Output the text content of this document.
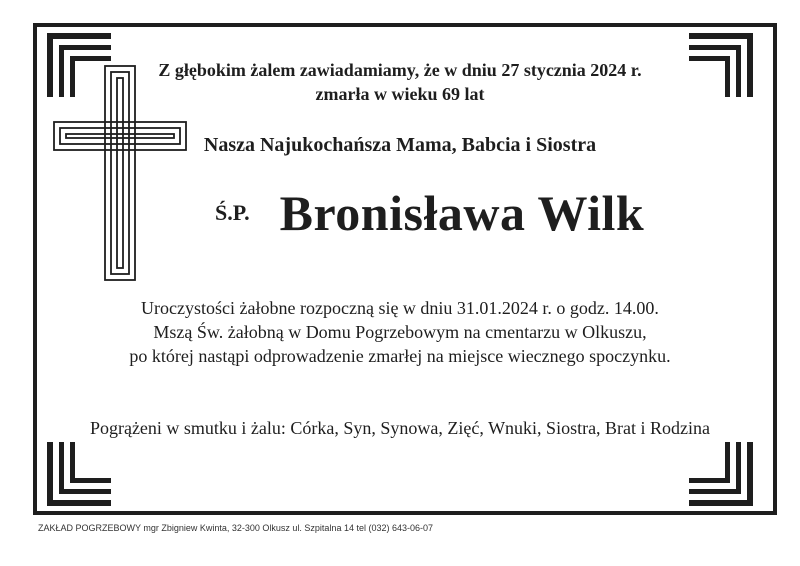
Z głębokim żalem zawiadamiamy, że w dniu 27 stycznia 2024 r.
zmarła w wieku 69 lat
Nasza Najukochańsza Mama, Babcia i Siostra
Ś.P. Bronisława Wilk
Uroczystości żałobne rozpoczną się w dniu 31.01.2024 r. o godz. 14.00.
Mszą Św. żałobną w Domu Pogrzebowym na cmentarzu w Olkuszu,
po której nastąpi odprowadzenie zmarłej na miejsce wiecznego spoczynku.
Pogrążeni w smutku i żalu: Córka, Syn, Synowa, Zięć, Wnuki, Siostra, Brat i Rodzina
ZAKŁAD POGRZEBOWY mgr Zbigniew Kwinta, 32-300 Olkusz ul. Szpitalna 14 tel (032) 643-06-07
